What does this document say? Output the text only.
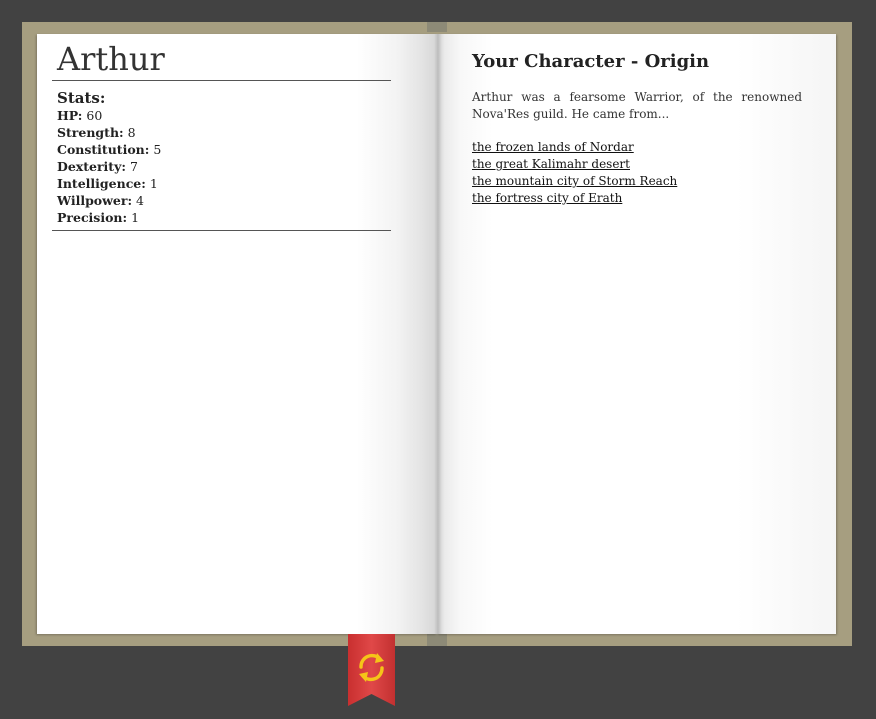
Arthur
Stats:
HP: 60
Strength: 8
Constitution: 5
Dexterity: 7
Intelligence: 1
Willpower: 4
Precision: 1
Your Character - Origin

Arthur was a fearsome Warrior, of the renowned Nova'Res guild. He came from...

the frozen lands of Nordar
the great Kalimahr desert
the mountain city of Storm Reach
the fortress city of Erath
